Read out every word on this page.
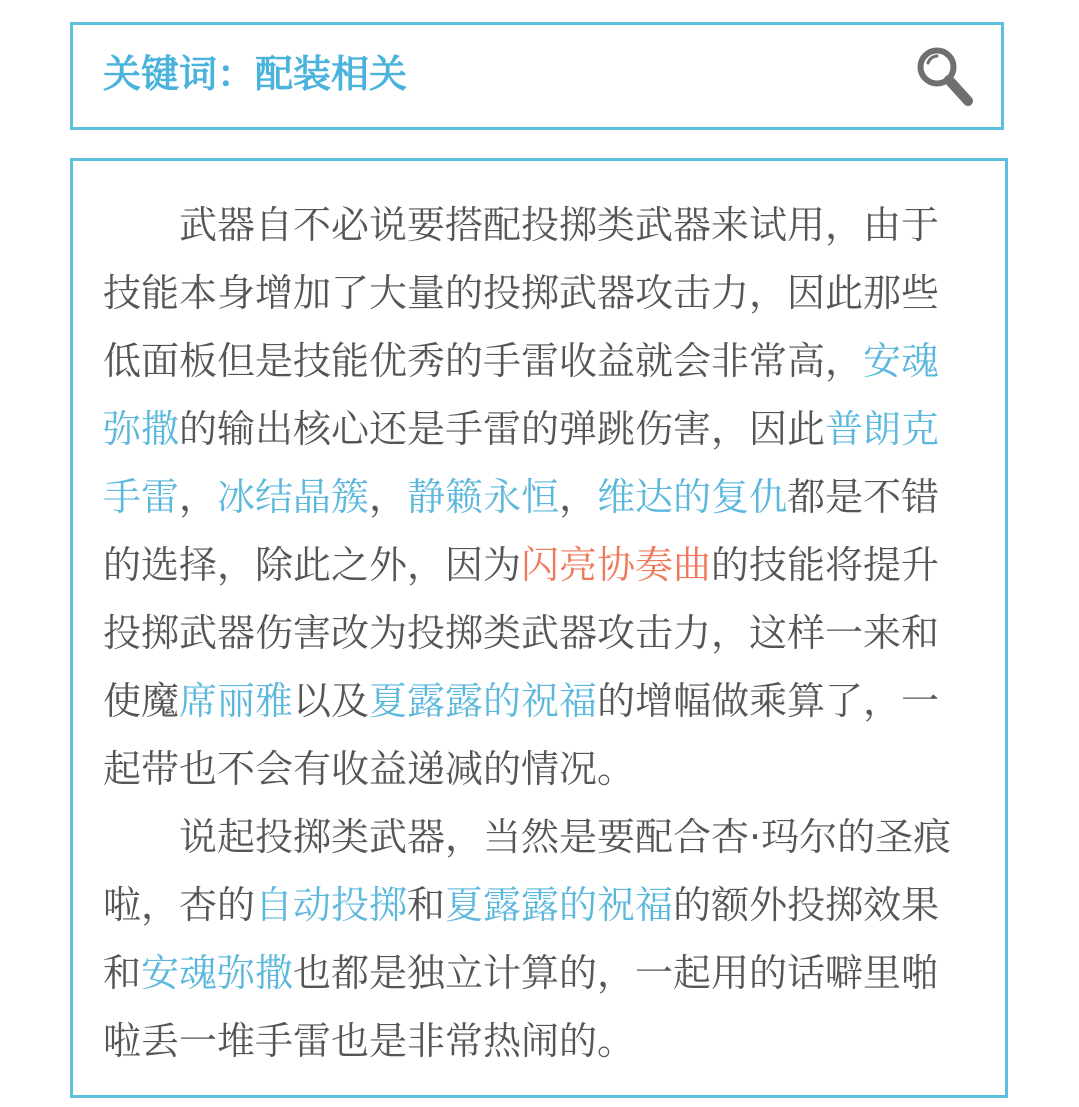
关键词：配装相关
武器自不必说要搭配投掷类武器来试用，由于
技能本身增加了大量的投掷武器攻击力，因此那些
低面板但是技能优秀的手雷收益就会非常高，安魂
弥撒的输出核心还是手雷的弹跳伤害，因此普朗克
手雷，冰结晶簇，静籁永恒，维达的复仇都是不错
的选择，除此之外，因为闪亮协奏曲的技能将提升
投掷武器伤害改为投掷类武器攻击力，这样一来和
使魔席丽雅以及夏露露的祝福的增幅做乘算了，一
起带也不会有收益递减的情况。
说起投掷类武器，当然是要配合杏·玛尔的圣痕
啦，杏的自动投掷和夏露露的祝福的额外投掷效果
和安魂弥撒也都是独立计算的，一起用的话噼里啪
啦丢一堆手雷也是非常热闹的。
